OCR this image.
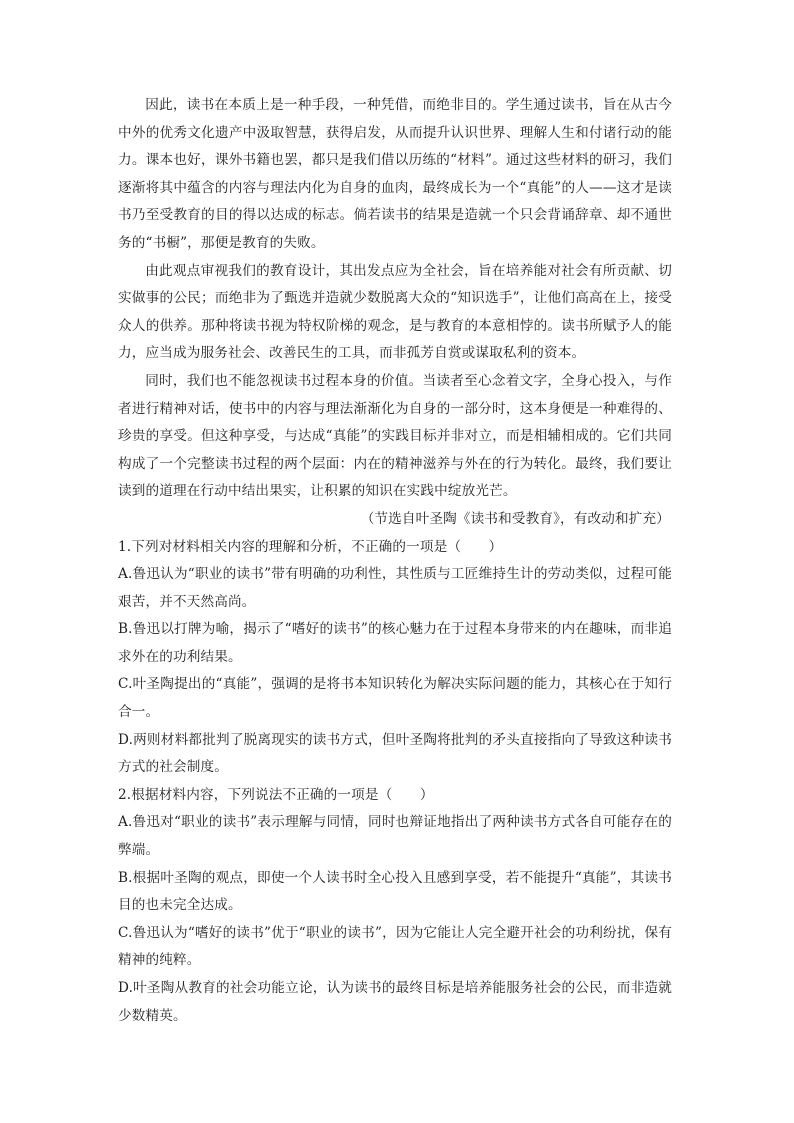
因此，读书在本质上是一种手段，一种凭借，而绝非目的。学生通过读书，旨在从古今中外的优秀文化遗产中汲取智慧，获得启发，从而提升认识世界、理解人生和付诸行动的能力。课本也好，课外书籍也罢，都只是我们借以历练的“材料”。通过这些材料的研习，我们逐渐将其中蕴含的内容与理法内化为自身的血肉，最终成长为一个“真能”的人——这才是读书乃至受教育的目的得以达成的标志。倘若读书的结果是造就一个只会背诵辞章、却不通世务的“书橱”，那便是教育的失败。

由此观点审视我们的教育设计，其出发点应为全社会，旨在培养能对社会有所贡献、切实做事的公民；而绝非为了甄选并造就少数脱离大众的“知识选手”，让他们高高在上，接受众人的供养。那种将读书视为特权阶梯的观念，是与教育的本意相悖的。读书所赋予人的能力，应当成为服务社会、改善民生的工具，而非孤芳自赏或谋取私利的资本。

同时，我们也不能忽视读书过程本身的价值。当读者至心念着文字，全身心投入，与作者进行精神对话，使书中的内容与理法渐渐化为自身的一部分时，这本身便是一种难得的、珍贵的享受。但这种享受，与达成“真能”的实践目标并非对立，而是相辅相成的。它们共同构成了一个完整读书过程的两个层面：内在的精神滋养与外在的行为转化。最终，我们要让读到的道理在行动中结出果实，让积累的知识在实践中绽放光芒。

（节选自叶圣陶《读书和受教育》，有改动和扩充）

1.下列对材料相关内容的理解和分析，不正确的一项是（　　）

A.鲁迅认为“职业的读书”带有明确的功利性，其性质与工匠维持生计的劳动类似，过程可能艰苦，并不天然高尚。

B.鲁迅以打牌为喻，揭示了“嗜好的读书”的核心魅力在于过程本身带来的内在趣味，而非追求外在的功利结果。

C.叶圣陶提出的“真能”，强调的是将书本知识转化为解决实际问题的能力，其核心在于知行合一。

D.两则材料都批判了脱离现实的读书方式，但叶圣陶将批判的矛头直接指向了导致这种读书方式的社会制度。

2.根据材料内容，下列说法不正确的一项是（　　）

A.鲁迅对“职业的读书”表示理解与同情，同时也辩证地指出了两种读书方式各自可能存在的弊端。

B.根据叶圣陶的观点，即使一个人读书时全心投入且感到享受，若不能提升“真能”，其读书目的也未完全达成。

C.鲁迅认为“嗜好的读书”优于“职业的读书”，因为它能让人完全避开社会的功利纷扰，保有精神的纯粹。

D.叶圣陶从教育的社会功能立论，认为读书的最终目标是培养能服务社会的公民，而非造就少数精英。
